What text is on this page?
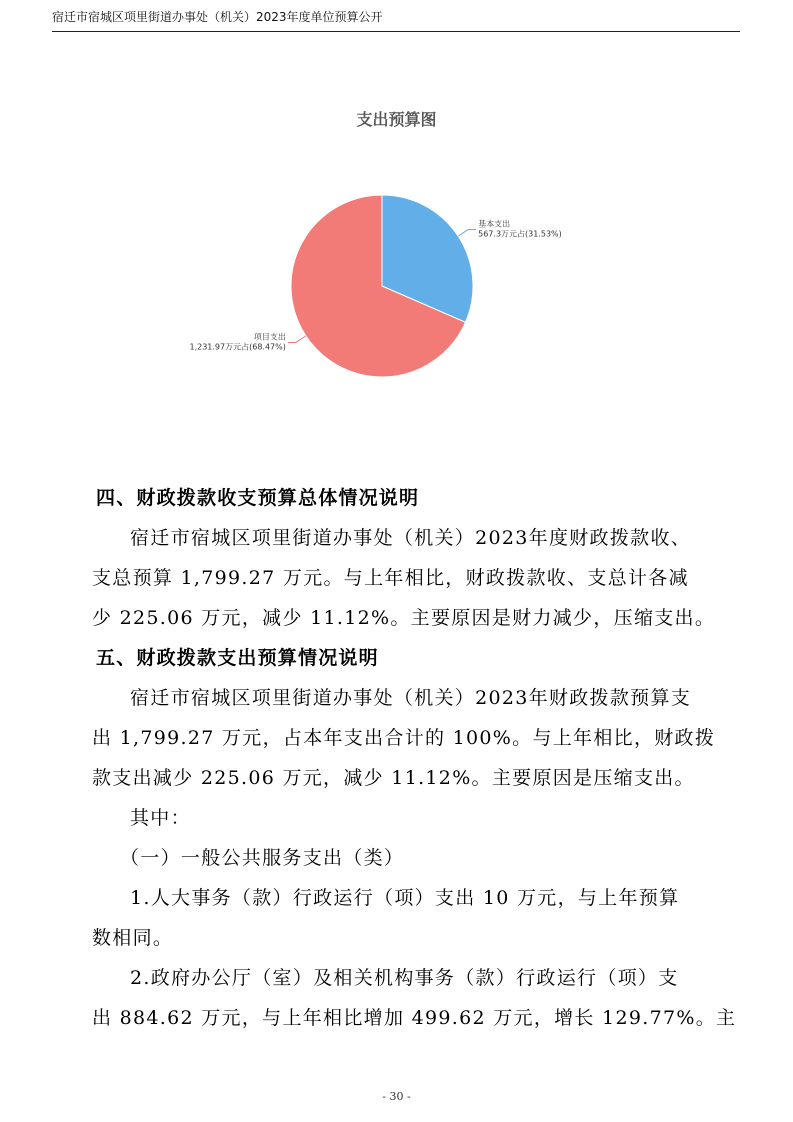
宿迁市宿城区项里街道办事处（机关）2023年度单位预算公开
支出预算图
基本支出
567.3万元占(31.53%)
项目支出
1,231.97万元占(68.47%)
四、财政拨款收支预算总体情况说明
宿迁市宿城区项里街道办事处（机关）2023年度财政拨款收、
支总预算 1,799.27 万元。与上年相比，财政拨款收、支总计各减
少 225.06 万元，减少 11.12%。主要原因是财力减少，压缩支出。
五、财政拨款支出预算情况说明
宿迁市宿城区项里街道办事处（机关）2023年财政拨款预算支
出 1,799.27 万元，占本年支出合计的 100%。与上年相比，财政拨
款支出减少 225.06 万元，减少 11.12%。主要原因是压缩支出。
其中：
（一）一般公共服务支出（类）
1.人大事务（款）行政运行（项）支出 10 万元，与上年预算
数相同。
2.政府办公厅（室）及相关机构事务（款）行政运行（项）支
出 884.62 万元，与上年相比增加 499.62 万元，增长 129.77%。主
- 30 -
